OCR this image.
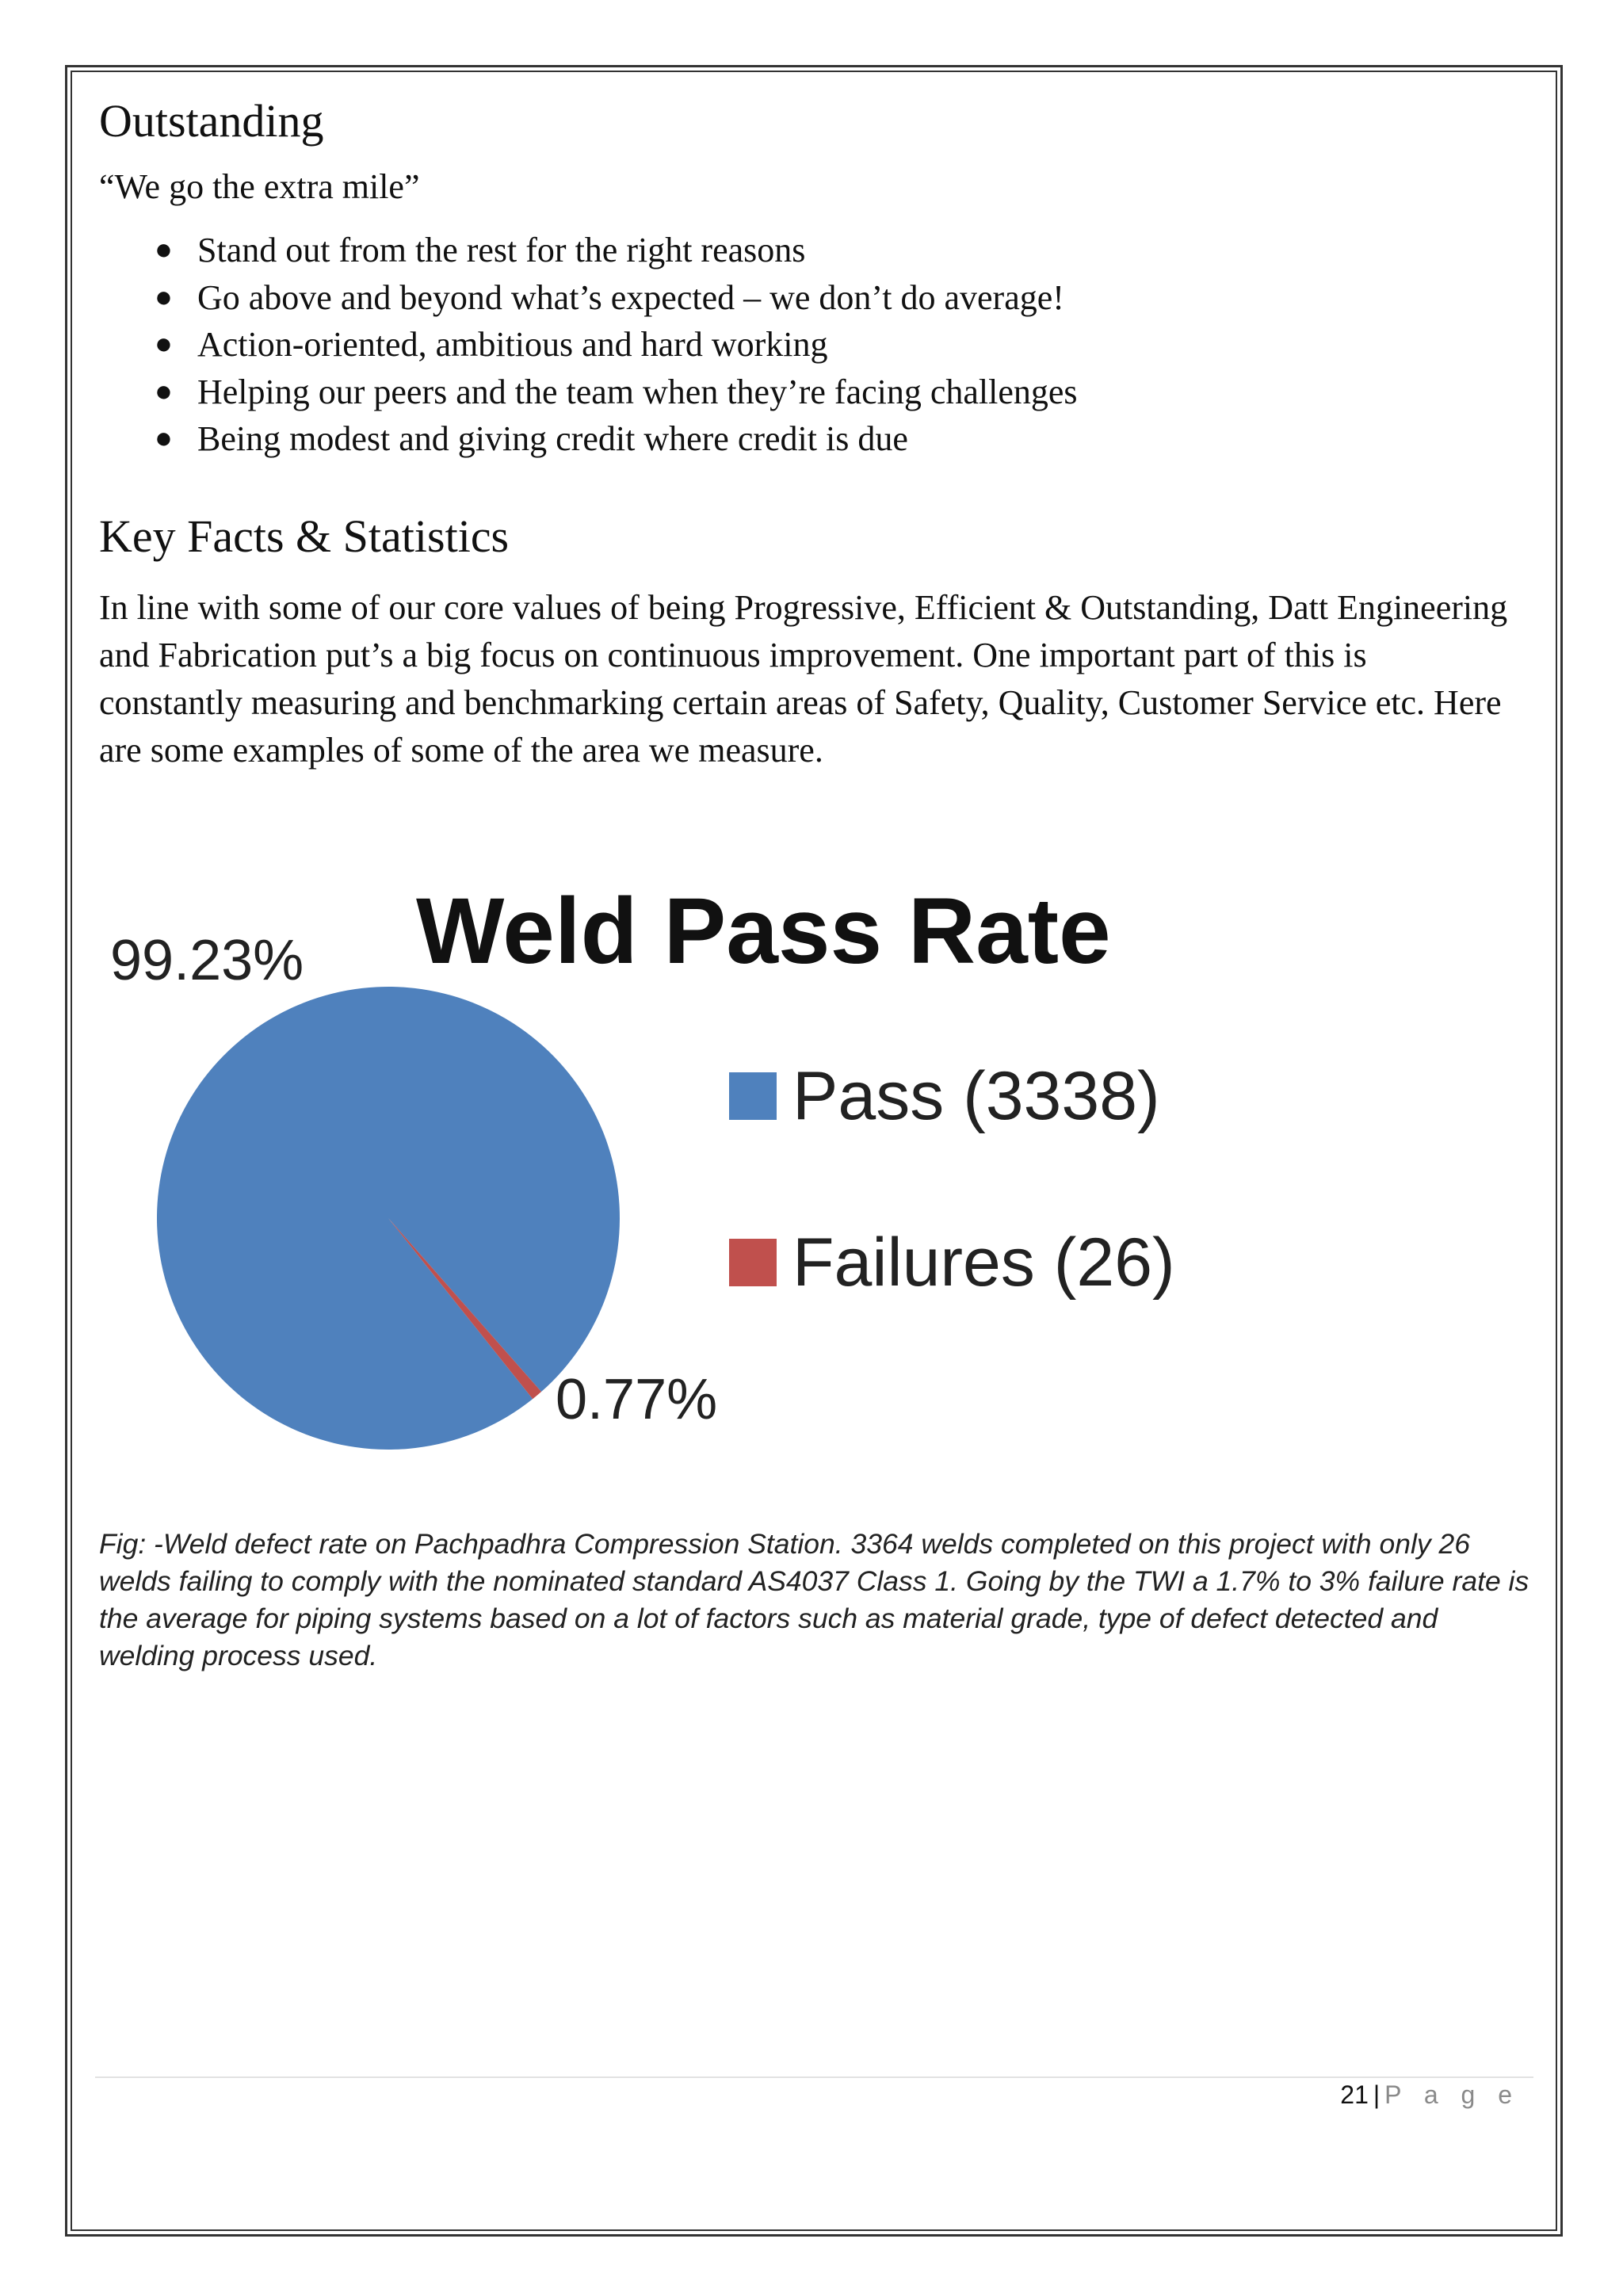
Outstanding

“We go the extra mile”

● Stand out from the rest for the right reasons
● Go above and beyond what’s expected – we don’t do average!
● Action-oriented, ambitious and hard working
● Helping our peers and the team when they’re facing challenges
● Being modest and giving credit where credit is due
Key Facts & Statistics

In line with some of our core values of being Progressive, Efficient & Outstanding, Datt Engineering and Fabrication put’s a big focus on continuous improvement. One important part of this is constantly measuring and benchmarking certain areas of Safety, Quality, Customer Service etc. Here are some examples of some of the area we measure.

Weld Pass Rate
99.23%
0.77%
Pass (3338)
Failures (26)
Fig: -Weld defect rate on Pachpadhra Compression Station. 3364 welds completed on this project with only 26 welds failing to comply with the nominated standard AS4037 Class 1. Going by the TWI a 1.7% to 3% failure rate is the average for piping systems based on a lot of factors such as material grade, type of defect detected and welding process used.
21 | P a g e
